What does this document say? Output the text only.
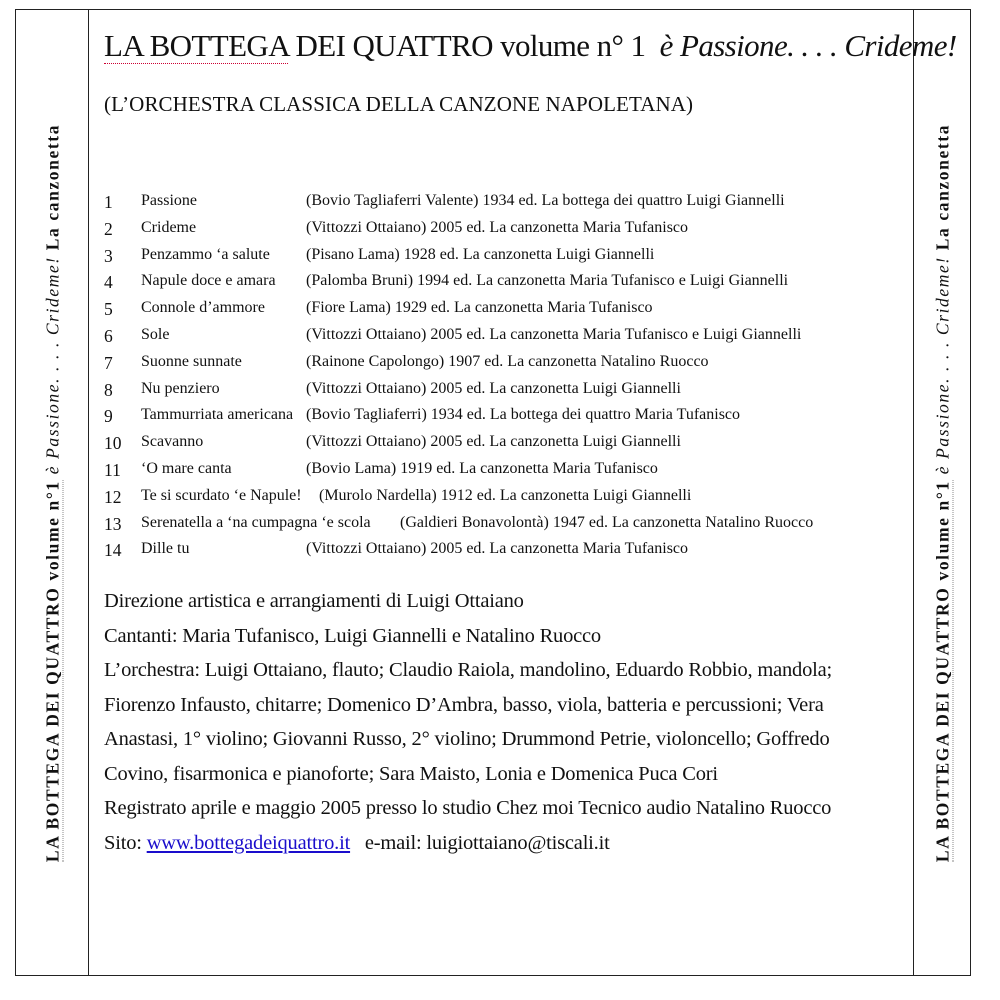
LA BOTTEGA DEI QUATTRO volume n°1 è Passione. . . . Crideme! La canzonetta
LA BOTTEGA DEI QUATTRO volume n°1 è Passione. . . . Crideme! La canzonetta
LA BOTTEGA DEI QUATTRO volume n° 1 è Passione. . . . Crideme!
(L’ORCHESTRA CLASSICA DELLA CANZONE NAPOLETANA)
1 Passione	(Bovio Tagliaferri Valente) 1934 ed. La bottega dei quattro Luigi Giannelli
2 Crideme	(Vittozzi Ottaiano) 2005 ed. La canzonetta Maria Tufanisco
3 Penzammo ‘a salute (Pisano Lama) 1928 ed. La canzonetta Luigi Giannelli
4 Napule doce e amara (Palomba Bruni) 1994 ed. La canzonetta Maria Tufanisco e Luigi Giannelli
5 Connole d’ammore	(Fiore Lama) 1929 ed. La canzonetta Maria Tufanisco
6 Sole	(Vittozzi Ottaiano) 2005 ed. La canzonetta Maria Tufanisco e Luigi Giannelli
7 Suonne sunnate	(Rainone Capolongo) 1907 ed. La canzonetta Natalino Ruocco
8 Nu penziero	(Vittozzi Ottaiano) 2005 ed. La canzonetta Luigi Giannelli
9 Tammurriata americana (Bovio Tagliaferri) 1934 ed. La bottega dei quattro Maria Tufanisco
10 Scavanno	(Vittozzi Ottaiano) 2005 ed. La canzonetta Luigi Giannelli
11 ‘O mare canta	(Bovio Lama) 1919 ed. La canzonetta Maria Tufanisco
12 Te si scurdato ‘e Napule! (Murolo Nardella) 1912 ed. La canzonetta Luigi Giannelli
13 Serenatella a ‘na cumpagna ‘e scola (Galdieri Bonavolontà) 1947 ed. La canzonetta Natalino Ruocco
14 Dille tu	(Vittozzi Ottaiano) 2005 ed. La canzonetta Maria Tufanisco

Direzione artistica e arrangiamenti di Luigi Ottaiano

Cantanti: Maria Tufanisco, Luigi Giannelli e Natalino Ruocco

L’orchestra: Luigi Ottaiano, flauto; Claudio Raiola, mandolino, Eduardo Robbio, mandola; Fiorenzo Infausto, chitarre; Domenico D’Ambra, basso, viola, batteria e percussioni; Vera Anastasi, 1° violino; Giovanni Russo, 2° violino; Drummond Petrie, violoncello; Goffredo Covino, fisarmonica e pianoforte; Sara Maisto, Lonia e Domenica Puca Cori

Registrato aprile e maggio 2005 presso lo studio Chez moi Tecnico audio Natalino Ruocco

Sito: www.bottegadeiquattro.it e-mail: luigiottaiano@tiscali.it
